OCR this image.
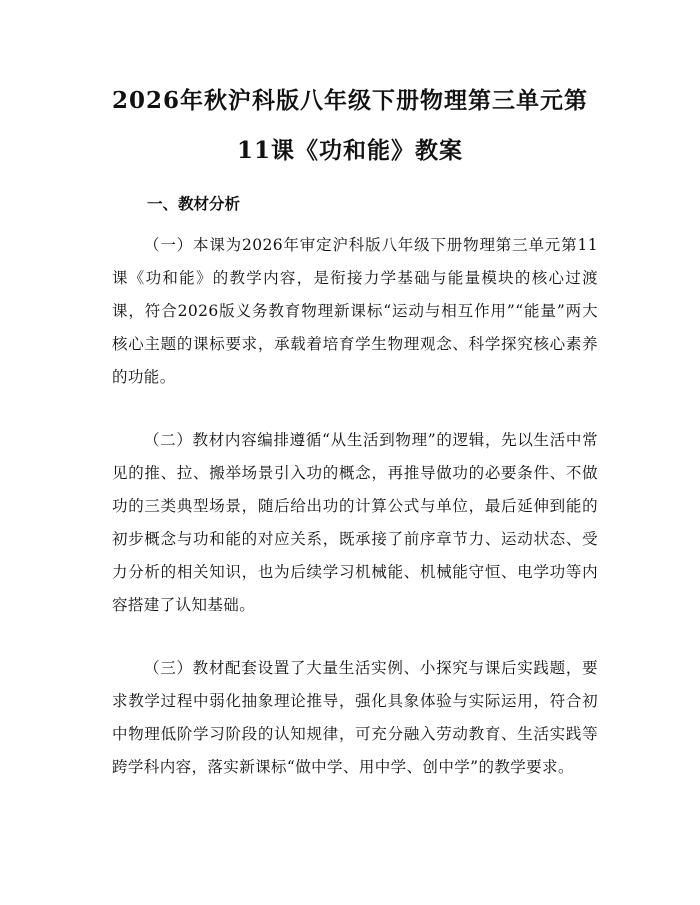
2026年秋沪科版八年级下册物理第三单元第
11课《功和能》教案
一、教材分析

（一）本课为2026年审定沪科版八年级下册物理第三单元第11课《功和能》的教学内容，是衔接力学基础与能量模块的核心过渡课，符合2026版义务教育物理新课标“运动与相互作用”“能量”两大核心主题的课标要求，承载着培育学生物理观念、科学探究核心素养的功能。

（二）教材内容编排遵循“从生活到物理”的逻辑，先以生活中常见的推、拉、搬举场景引入功的概念，再推导做功的必要条件、不做功的三类典型场景，随后给出功的计算公式与单位，最后延伸到能的初步概念与功和能的对应关系，既承接了前序章节力、运动状态、受力分析的相关知识，也为后续学习机械能、机械能守恒、电学功等内容搭建了认知基础。

（三）教材配套设置了大量生活实例、小探究与课后实践题，要求教学过程中弱化抽象理论推导，强化具象体验与实际运用，符合初中物理低阶学习阶段的认知规律，可充分融入劳动教育、生活实践等跨学科内容，落实新课标“做中学、用中学、创中学”的教学要求。
